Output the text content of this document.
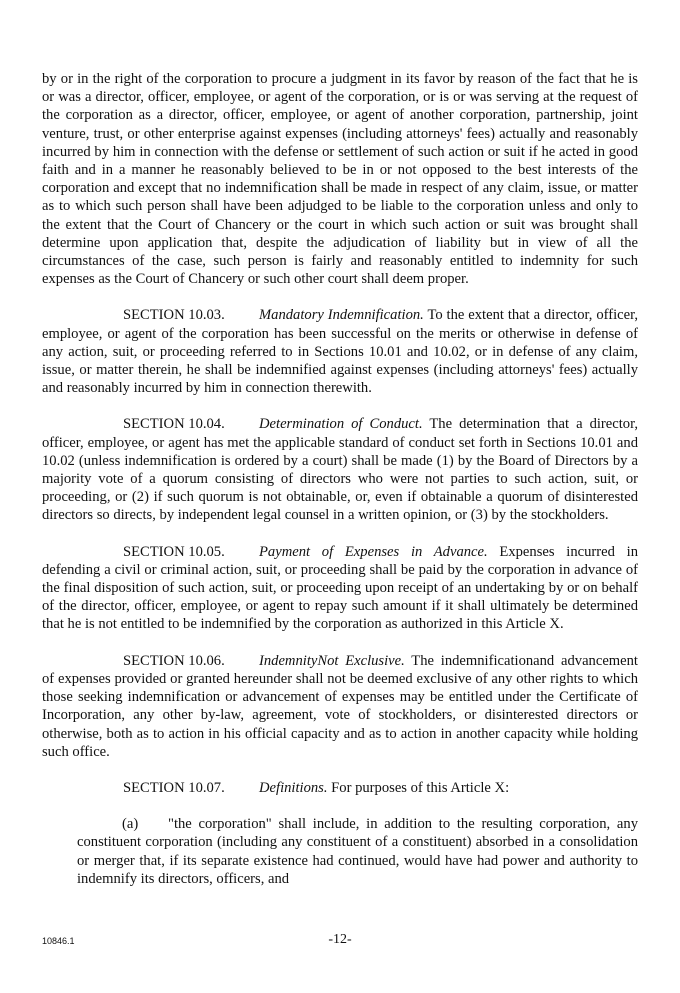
by or in the right of the corporation to procure a judgment in its favor by reason of the fact that he is or was a director, officer, employee, or agent of the corporation, or is or was serving at the request of the corporation as a director, officer, employee, or agent of another corporation, partnership, joint venture, trust, or other enterprise against expenses (including attorneys' fees) actually and reasonably incurred by him in connection with the defense or settlement of such action or suit if he acted in good faith and in a manner he reasonably believed to be in or not opposed to the best interests of the corporation and except that no indemnification shall be made in respect of any claim, issue, or matter as to which such person shall have been adjudged to be liable to the corporation unless and only to the extent that the Court of Chancery or the court in which such action or suit was brought shall determine upon application that, despite the adjudication of liability but in view of all the circumstances of the case, such person is fairly and reasonably entitled to indemnity for such expenses as the Court of Chancery or such other court shall deem proper.

SECTION 10.03. Mandatory Indemnification. To the extent that a director, officer, employee, or agent of the corporation has been successful on the merits or otherwise in defense of any action, suit, or proceeding referred to in Sections 10.01 and 10.02, or in defense of any claim, issue, or matter therein, he shall be indemnified against expenses (including attorneys' fees) actually and reasonably incurred by him in connection therewith.

SECTION 10.04. Determination of Conduct. The determination that a director, officer, employee, or agent has met the applicable standard of conduct set forth in Sections 10.01 and 10.02 (unless indemnification is ordered by a court) shall be made (1) by the Board of Directors by a majority vote of a quorum consisting of directors who were not parties to such action, suit, or proceeding, or (2) if such quorum is not obtainable, or, even if obtainable a quorum of disinterested directors so directs, by independent legal counsel in a written opinion, or (3) by the stockholders.

SECTION 10.05. Payment of Expenses in Advance. Expenses incurred in defending a civil or criminal action, suit, or proceeding shall be paid by the corporation in advance of the final disposition of such action, suit, or proceeding upon receipt of an undertaking by or on behalf of the director, officer, employee, or agent to repay such amount if it shall ultimately be determined that he is not entitled to be indemnified by the corporation as authorized in this Article X.

SECTION 10.06. IndemnityNot Exclusive. The indemnificationand advancement of expenses provided or granted hereunder shall not be deemed exclusive of any other rights to which those seeking indemnification or advancement of expenses may be entitled under the Certificate of Incorporation, any other by-law, agreement, vote of stockholders, or disinterested directors or otherwise, both as to action in his official capacity and as to action in another capacity while holding such office.

SECTION 10.07. Definitions. For purposes of this Article X:

(a) "the corporation" shall include, in addition to the resulting corporation, any constituent corporation (including any constituent of a constituent) absorbed in a consolidation or merger that, if its separate existence had continued, would have had power and authority to indemnify its directors, officers, and

10846.1	-12-
